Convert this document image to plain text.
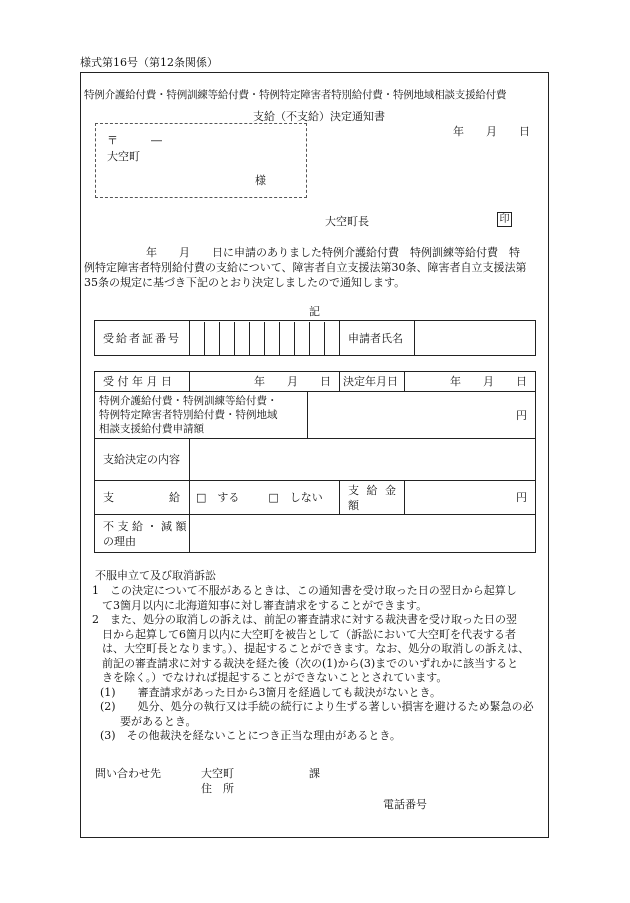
様式第16号（第12条関係）
特例介護給付費・特例訓練等給付費・特例特定障害者特別給付費・特例地域相談支援給付費
支給（不支給）決定通知書
年　　月　　日
〒　　　―
大空町
様
大空町長	印
年　　月　　日に申請のありました特例介護給付費　特例訓練等給付費　特
例特定障害者特別給付費の支給について、障害者自立支援法第30条、障害者自立支援法第
35条の規定に基づき下記のとおり決定しましたので通知します。
記
受給者証番号		申請者氏名	
受 付 年 月 日	年　　月　　日		決定年月日	年　　月　　日

特例介護給付費・特例訓練等給付費・
特例特定障害者特別給付費・特例地域
相談支援給付費申請額		円		
支給決定の内容				
支　　　　　給	□　する □　しない		支 給 金 額	円

不 支 給 ・ 減 額
の理由				

不服申立て及び取消訴訟
1　この決定について不服があるときは、この通知書を受け取った日の翌日から起算し
て3箇月以内に北海道知事に対し審査請求をすることができます。
2　また、処分の取消しの訴えは、前記の審査請求に対する裁決書を受け取った日の翌
日から起算して6箇月以内に大空町を被告として（訴訟において大空町を代表する者
は、大空町長となります。）、提起することができます。なお、処分の取消しの訴えは、
前記の審査請求に対する裁決を経た後（次の(1)から(3)までのいずれかに該当すると
きを除く。）でなければ提起することができないこととされています。
(1)　　審査請求があった日から3箇月を経過しても裁決がないとき。
(2)　　処分、処分の執行又は手続の続行により生ずる著しい損害を避けるため緊急の必
要があるとき。
(3)　その他裁決を経ないことにつき正当な理由があるとき。
問い合わせ先	大空町	課
住　所
電話番号
